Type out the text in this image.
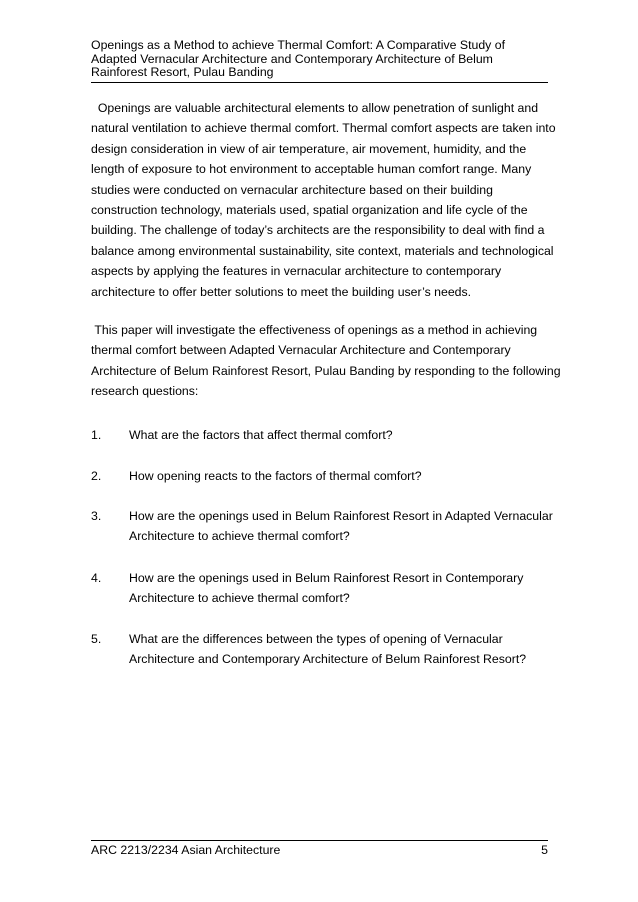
Openings as a Method to achieve Thermal Comfort: A Comparative Study of Adapted Vernacular Architecture and Contemporary Architecture of Belum Rainforest Resort, Pulau Banding

Openings are valuable architectural elements to allow penetration of sunlight and natural ventilation to achieve thermal comfort. Thermal comfort aspects are taken into design consideration in view of air temperature, air movement, humidity, and the length of exposure to hot environment to acceptable human comfort range. Many studies were conducted on vernacular architecture based on their building construction technology, materials used, spatial organization and life cycle of the building. The challenge of today’s architects are the responsibility to deal with find a balance among environmental sustainability, site context, materials and technological aspects by applying the features in vernacular architecture to contemporary architecture to offer better solutions to meet the building user’s needs.

This paper will investigate the effectiveness of openings as a method in achieving thermal comfort between Adapted Vernacular Architecture and Contemporary Architecture of Belum Rainforest Resort, Pulau Banding by responding to the following research questions:

1.	What are the factors that affect thermal comfort?
2.	How opening reacts to the factors of thermal comfort?
3.	How are the openings used in Belum Rainforest Resort in Adapted Vernacular Architecture to achieve thermal comfort?
4.	How are the openings used in Belum Rainforest Resort in Contemporary Architecture to achieve thermal comfort?
5.	What are the differences between the types of opening of Vernacular Architecture and Contemporary Architecture of Belum Rainforest Resort?
ARC 2213/2234 Asian Architecture	5
